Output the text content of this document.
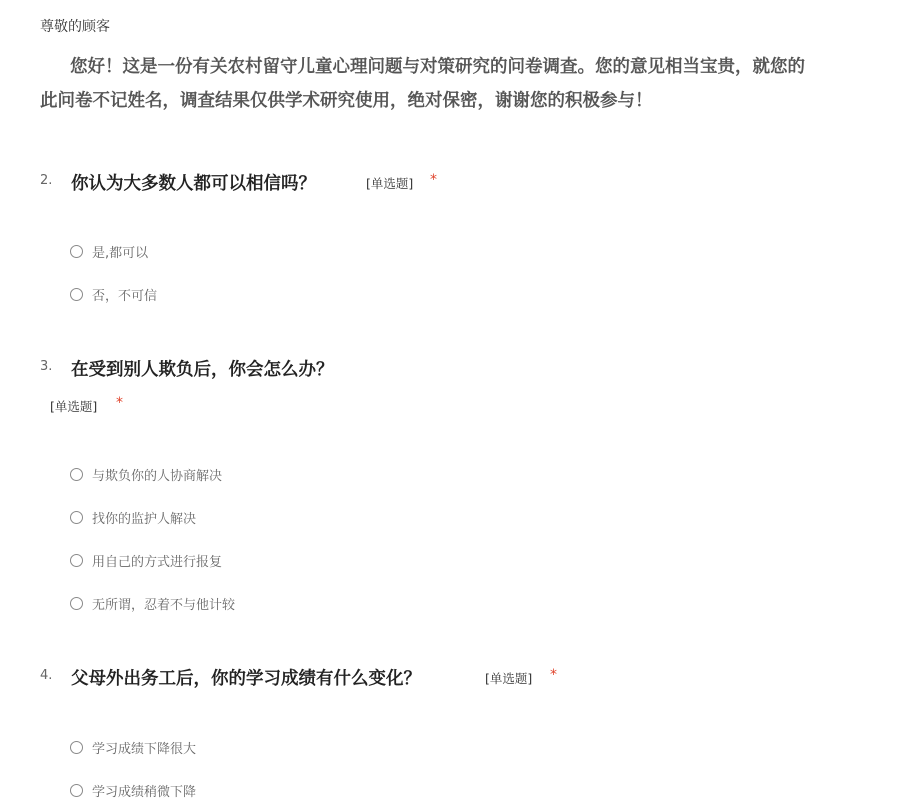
尊敬的顾客
您好！这是一份有关农村留守儿童心理问题与对策研究的问卷调查。您的意见相当宝贵，就您的
此问卷不记姓名，调查结果仅供学术研究使用，绝对保密，谢谢您的积极参与！
2. 你认为大多数人都可以相信吗？	[单选题] *
是,都可以
否，不可信
3. 在受到别人欺负后，你会怎么办？
[单选题] *
与欺负你的人协商解决
找你的监护人解决
用自己的方式进行报复
无所谓，忍着不与他计较
4. 父母外出务工后，你的学习成绩有什么变化？	[单选题] *
学习成绩下降很大
学习成绩稍微下降
